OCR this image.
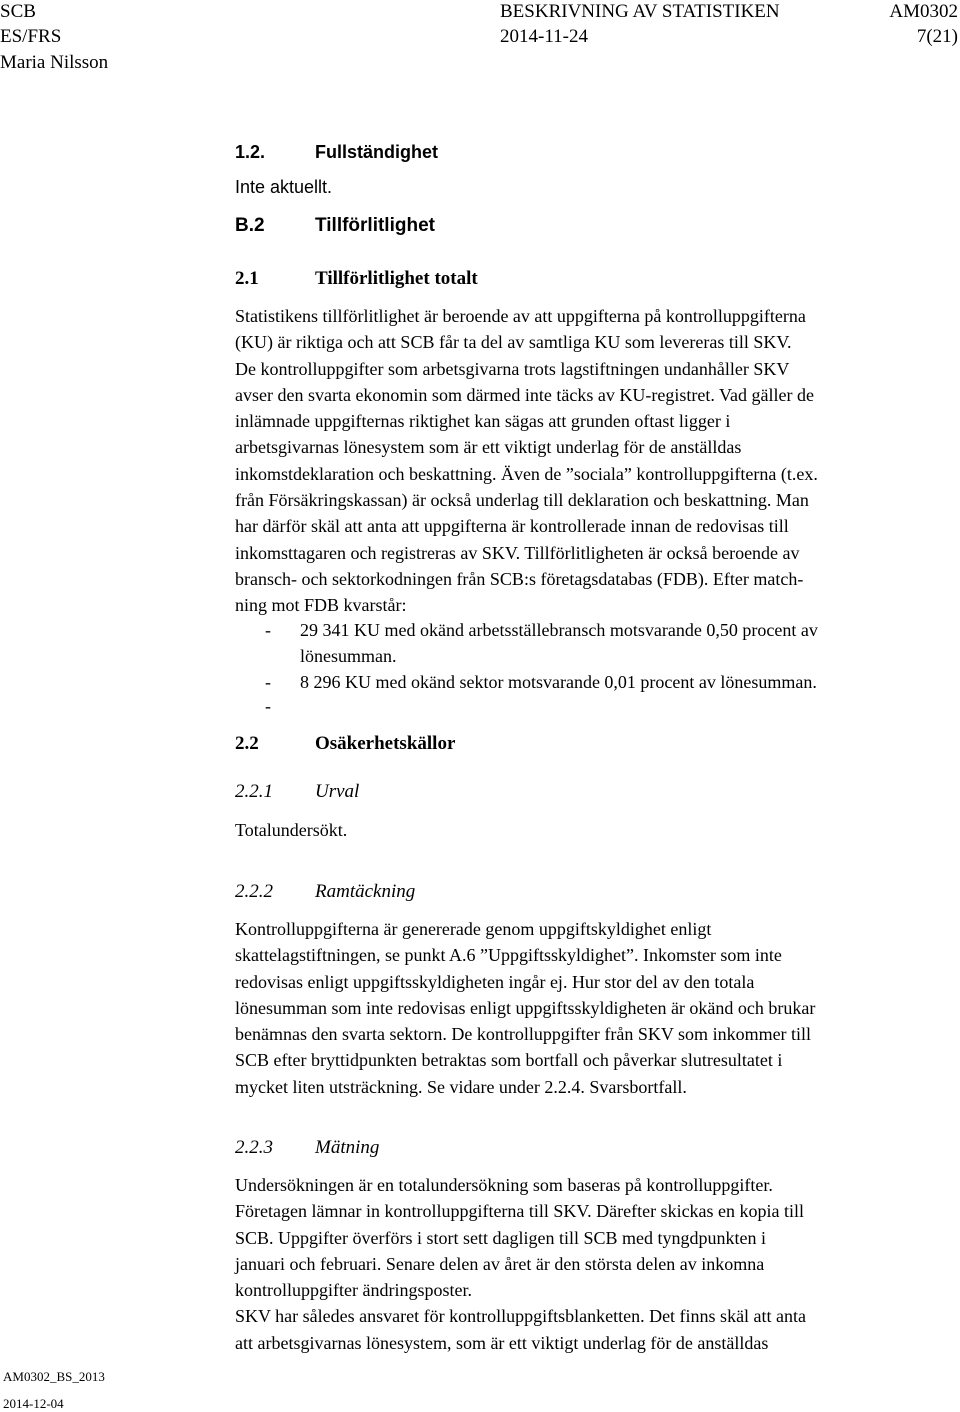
SCB
ES/FRS
Maria Nilsson
BESKRIVNING AV STATISTIKEN
2014-11-24
AM0302
7(21)
1.2.	Fullständighet
Inte aktuellt.
B.2	Tillförlitlighet
2.1	Tillförlitlighet totalt
Statistikens tillförlitlighet är beroende av att uppgifterna på kontrolluppgifterna
(KU) är riktiga och att SCB får ta del av samtliga KU som levereras till SKV.
De kontrolluppgifter som arbetsgivarna trots lagstiftningen undanhåller SKV
avser den svarta ekonomin som därmed inte täcks av KU-registret. Vad gäller de
inlämnade uppgifternas riktighet kan sägas att grunden oftast ligger i
arbetsgivarnas lönesystem som är ett viktigt underlag för de anställdas
inkomstdeklaration och beskattning. Även de ”sociala” kontrolluppgifterna (t.ex.
från Försäkringskassan) är också underlag till deklaration och beskattning. Man
har därför skäl att anta att uppgifterna är kontrollerade innan de redovisas till
inkomsttagaren och registreras av SKV. Tillförlitligheten är också beroende av
bransch- och sektorkodningen från SCB:s företagsdatabas (FDB). Efter match-
ning mot FDB kvarstår:
- 29 341 KU med okänd arbetsställebransch motsvarande 0,50 procent av
lönesumman.
- 8 296 KU med okänd sektor motsvarande 0,01 procent av lönesumman.
-
2.2	Osäkerhetskällor
2.2.1 Urval
Totalundersökt.
2.2.2 Ramtäckning
Kontrolluppgifterna är genererade genom uppgiftskyldighet enligt
skattelagstiftningen, se punkt A.6 ”Uppgiftsskyldighet”. Inkomster som inte
redovisas enligt uppgiftsskyldigheten ingår ej. Hur stor del av den totala
lönesumman som inte redovisas enligt uppgiftsskyldigheten är okänd och brukar
benämnas den svarta sektorn. De kontrolluppgifter från SKV som inkommer till
SCB efter bryttidpunkten betraktas som bortfall och påverkar slutresultatet i
mycket liten utsträckning. Se vidare under 2.2.4. Svarsbortfall.
2.2.3 Mätning
Undersökningen är en totalundersökning som baseras på kontrolluppgifter.
Företagen lämnar in kontrolluppgifterna till SKV. Därefter skickas en kopia till
SCB. Uppgifter överförs i stort sett dagligen till SCB med tyngdpunkten i
januari och februari. Senare delen av året är den största delen av inkomna
kontrolluppgifter ändringsposter.
SKV har således ansvaret för kontrolluppgiftsblanketten. Det finns skäl att anta
att arbetsgivarnas lönesystem, som är ett viktigt underlag för de anställdas
AM0302_BS_2013
2014-12-04
